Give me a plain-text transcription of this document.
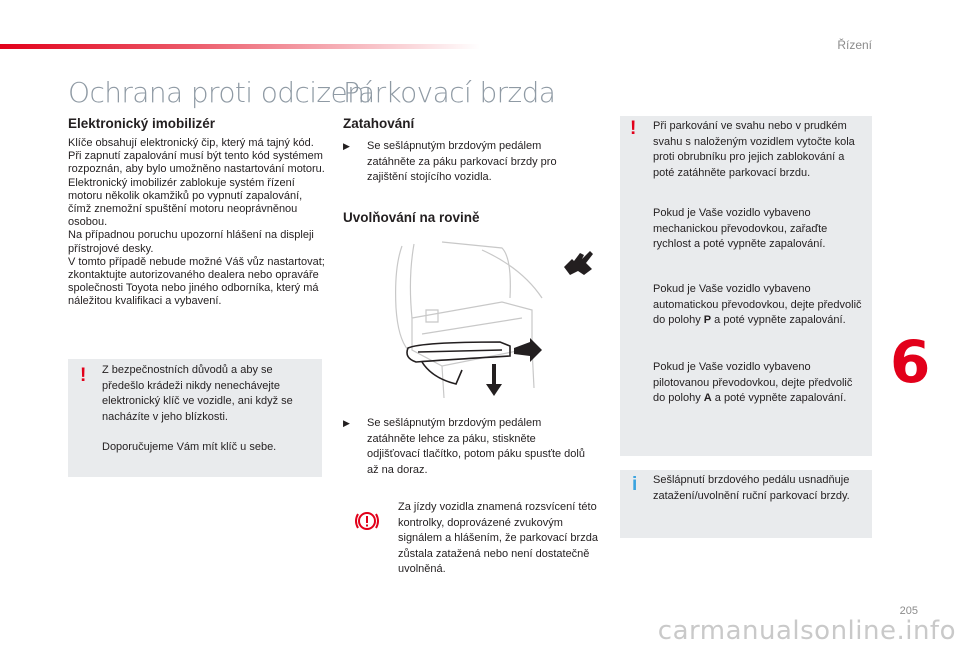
Řízení
Ochrana proti odcizení
Elektronický imobilizér
Klíče obsahují elektronický čip, který má tajný kód. Při zapnutí zapalování musí být tento kód systémem rozpoznán, aby bylo umožněno nastartování motoru.
Elektronický imobilizér zablokuje systém řízení motoru několik okamžiků po vypnutí zapalování, čímž znemožní spuštění motoru neoprávněnou osobou.
Na případnou poruchu upozorní hlášení na displeji přístrojové desky.
V tomto případě nebude možné Váš vůz nastartovat; zkontaktujte autorizovaného dealera nebo opraváře společnosti Toyota nebo jiného odborníka, který má náležitou kvalifikaci a vybavení.
! Z bezpečnostních důvodů a aby se předešlo krádeži nikdy nenechávejte elektronický klíč ve vozidle, ani když se nacházíte v jeho blízkosti.
Doporučujeme Vám mít klíč u sebe.
Parkovací brzda
Zatahování
▶	Se sešlápnutým brzdovým pedálem zatáhněte za páku parkovací brzdy pro zajištění stojícího vozidla.
Uvolňování na rovině
▶	Se sešlápnutým brzdovým pedálem zatáhněte lehce za páku, stiskněte odjišťovací tlačítko, potom páku spusťte dolů až na doraz.
Za jízdy vozidla znamená rozsvícení této kontrolky, doprovázené zvukovým signálem a hlášením, že parkovací brzda zůstala zatažená nebo není dostatečně uvolněná.
! Při parkování ve svahu nebo v prudkém svahu s naloženým vozidlem vytočte kola proti obrubníku pro jejich zablokování a poté zatáhněte parkovací brzdu.
Pokud je Vaše vozidlo vybaveno mechanickou převodovkou, zařaďte rychlost a poté vypněte zapalování.
Pokud je Vaše vozidlo vybaveno automatickou převodovkou, dejte předvolič do polohy P a poté vypněte zapalování.
Pokud je Vaše vozidlo vybaveno pilotovanou převodovkou, dejte předvolič do polohy A a poté vypněte zapalování.
i Sešlápnutí brzdového pedálu usnadňuje zatažení/uvolnění ruční parkovací brzdy.
6
205
carmanualsonline.info
